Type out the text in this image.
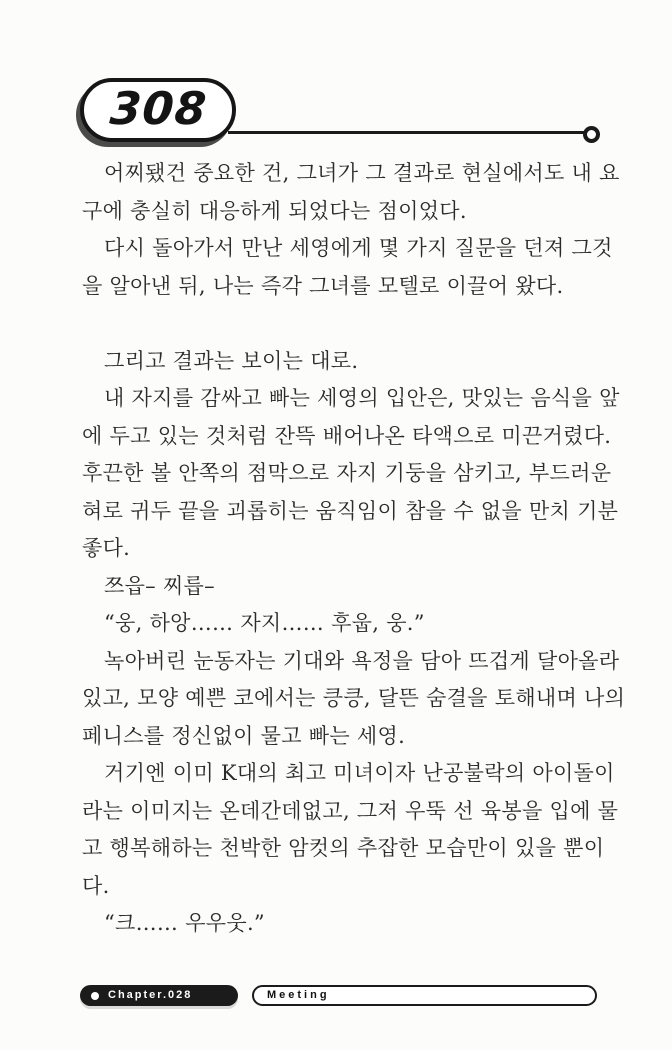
308
어찌됐건 중요한 건, 그녀가 그 결과로 현실에서도 내 요
구에 충실히 대응하게 되었다는 점이었다.
다시 돌아가서 만난 세영에게 몇 가지 질문을 던져 그것
을 알아낸 뒤, 나는 즉각 그녀를 모텔로 이끌어 왔다.
그리고 결과는 보이는 대로.
내 자지를 감싸고 빠는 세영의 입안은, 맛있는 음식을 앞
에 두고 있는 것처럼 잔뜩 배어나온 타액으로 미끈거렸다.
후끈한 볼 안쪽의 점막으로 자지 기둥을 삼키고, 부드러운
혀로 귀두 끝을 괴롭히는 움직임이 참을 수 없을 만치 기분
좋다.
쯔읍– 찌릅–
“웅, 하앙…… 자지…… 후웁, 웅.”
녹아버린 눈동자는 기대와 욕정을 담아 뜨겁게 달아올라
있고, 모양 예쁜 코에서는 킁킁, 달뜬 숨결을 토해내며 나의
페니스를 정신없이 물고 빠는 세영.
거기엔 이미 K대의 최고 미녀이자 난공불락의 아이돌이
라는 이미지는 온데간데없고, 그저 우뚝 선 육봉을 입에 물
고 행복해하는 천박한 암컷의 추잡한 모습만이 있을 뿐이
다.
“크…… 우우웃.”
Chapter.028	Meeting
